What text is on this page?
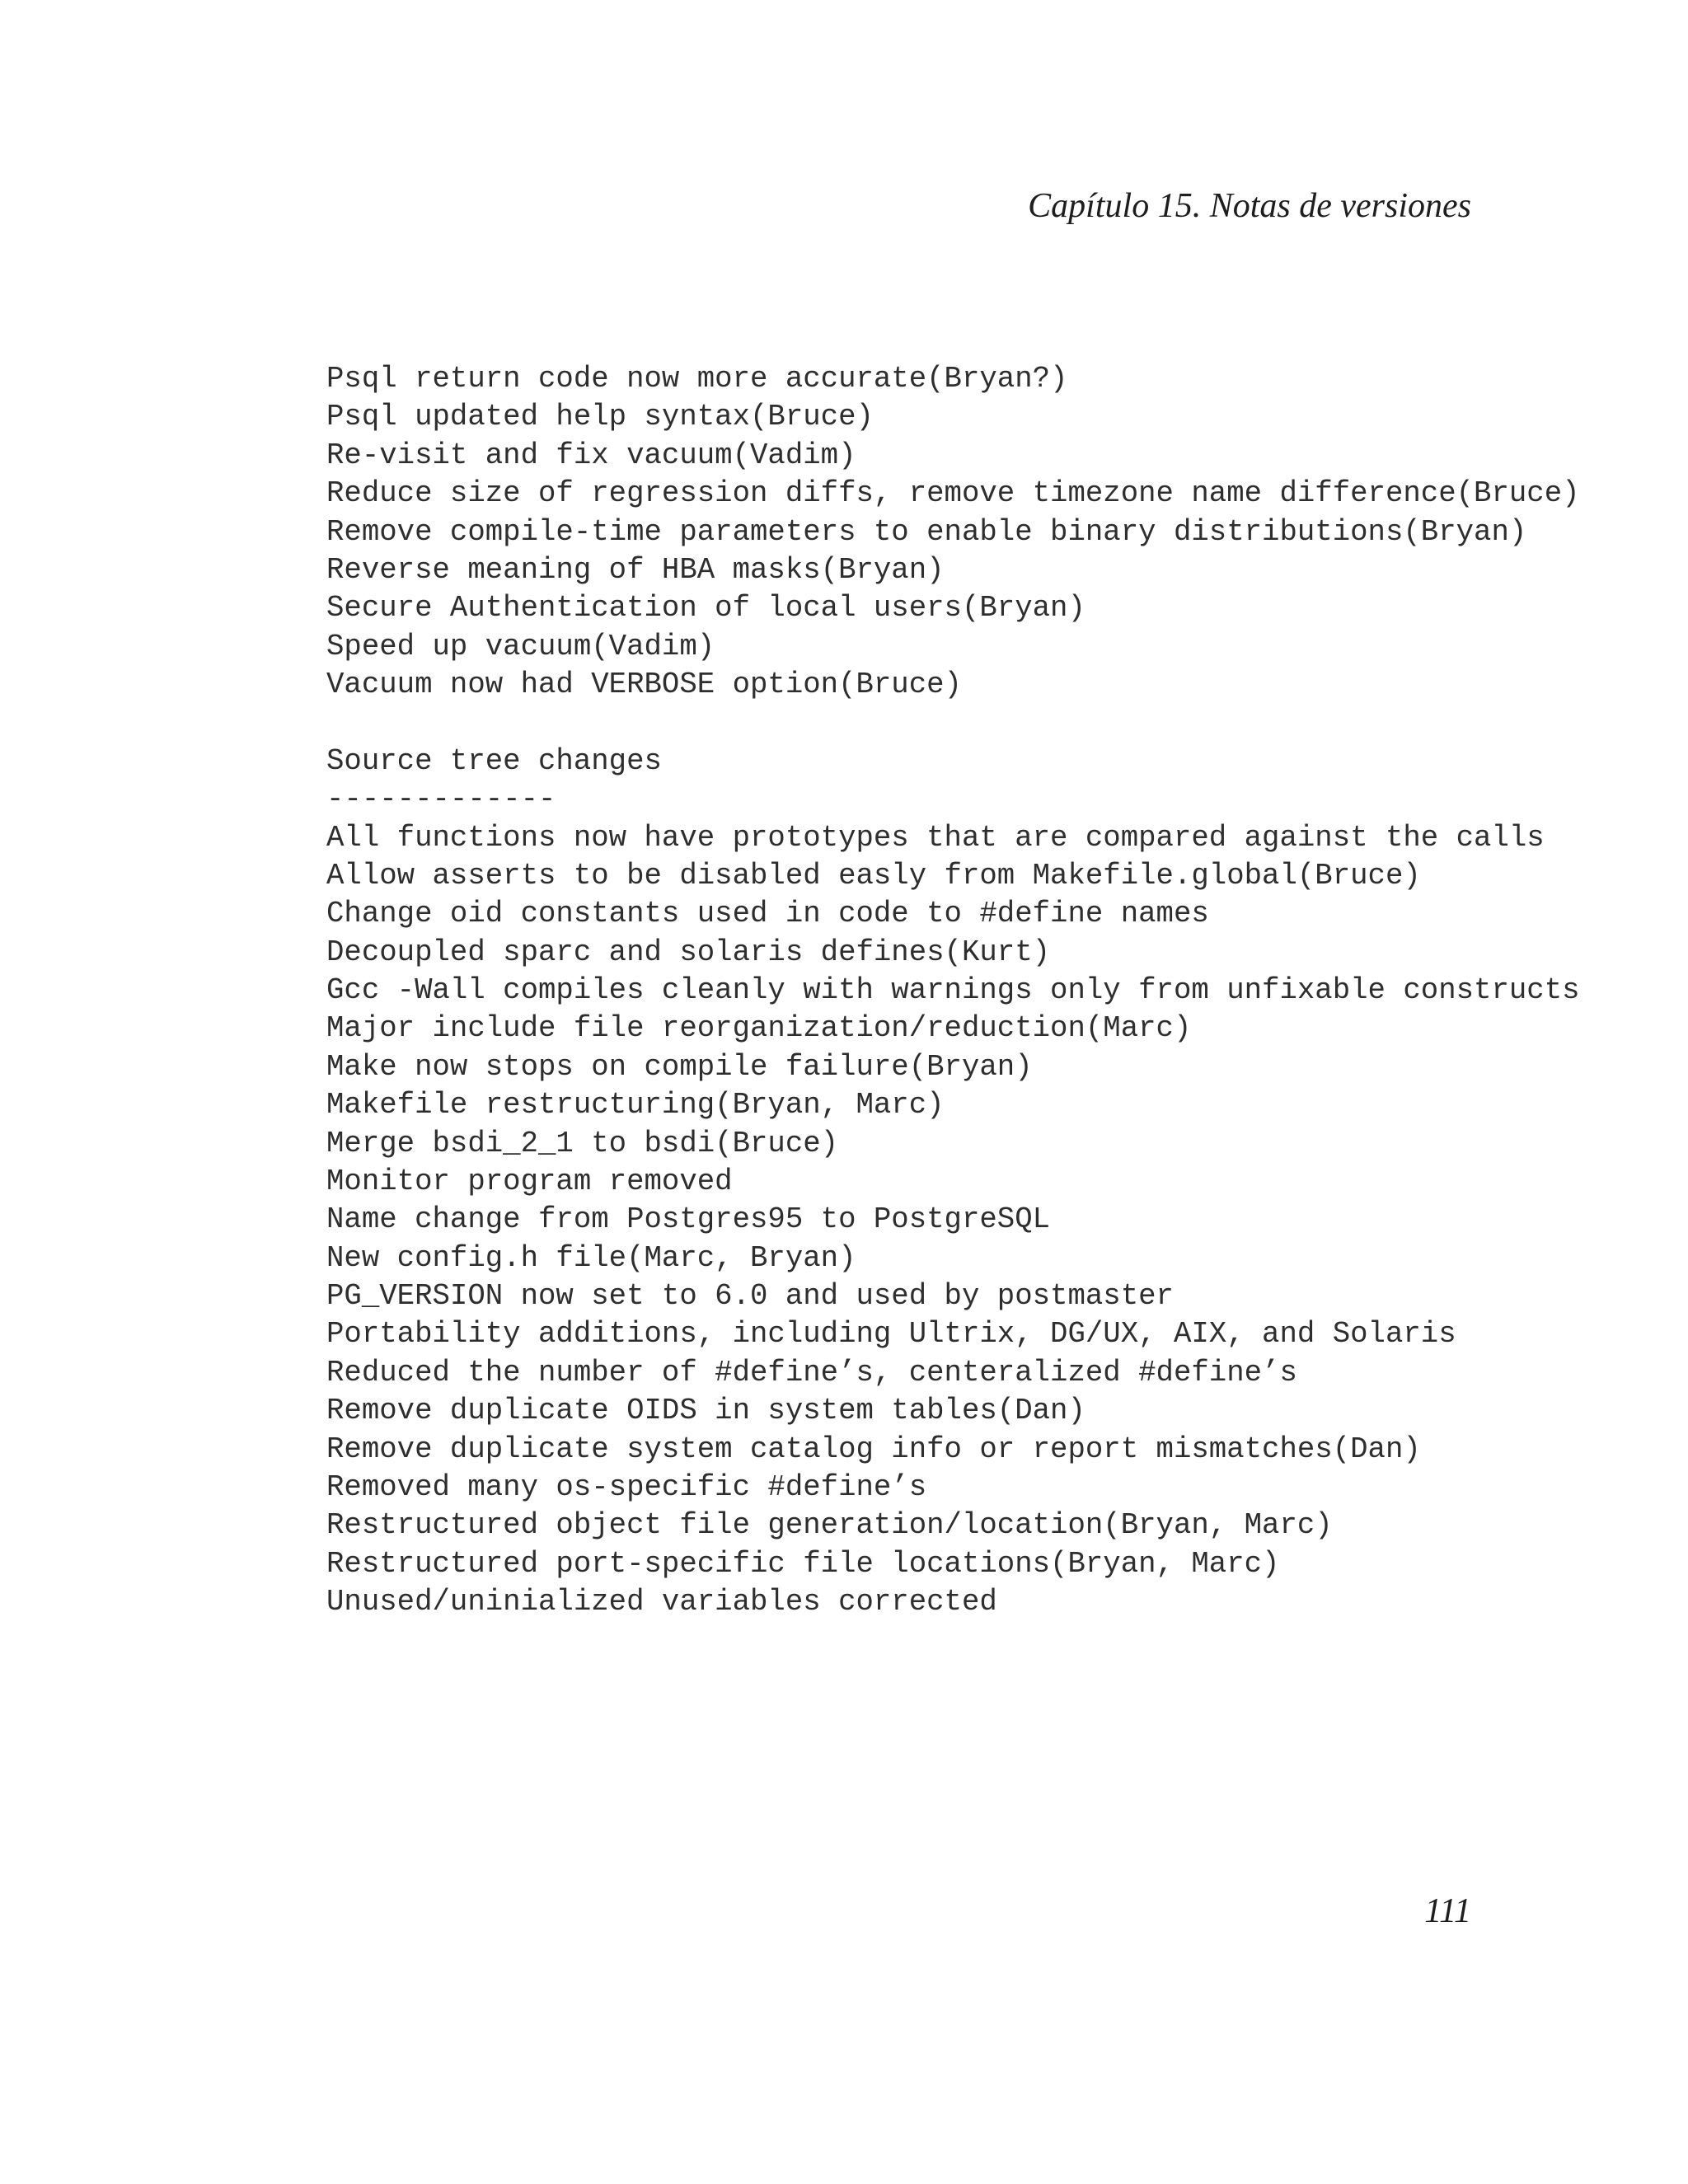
Capítulo 15. Notas de versiones
Psql return code now more accurate(Bryan?)
Psql updated help syntax(Bruce)
Re-visit and fix vacuum(Vadim)
Reduce size of regression diffs, remove timezone name difference(Bruce)
Remove compile-time parameters to enable binary distributions(Bryan)
Reverse meaning of HBA masks(Bryan)
Secure Authentication of local users(Bryan)
Speed up vacuum(Vadim)
Vacuum now had VERBOSE option(Bruce)
Source tree changes
-------------
All functions now have prototypes that are compared against the calls
Allow asserts to be disabled easly from Makefile.global(Bruce)
Change oid constants used in code to #define names
Decoupled sparc and solaris defines(Kurt)
Gcc -Wall compiles cleanly with warnings only from unfixable constructs
Major include file reorganization/reduction(Marc)
Make now stops on compile failure(Bryan)
Makefile restructuring(Bryan, Marc)
Merge bsdi_2_1 to bsdi(Bruce)
Monitor program removed
Name change from Postgres95 to PostgreSQL
New config.h file(Marc, Bryan)
PG_VERSION now set to 6.0 and used by postmaster
Portability additions, including Ultrix, DG/UX, AIX, and Solaris
Reduced the number of #define’s, centeralized #define’s
Remove duplicate OIDS in system tables(Dan)
Remove duplicate system catalog info or report mismatches(Dan)
Removed many os-specific #define’s
Restructured object file generation/location(Bryan, Marc)
Restructured port-specific file locations(Bryan, Marc)
Unused/uninialized variables corrected
111
